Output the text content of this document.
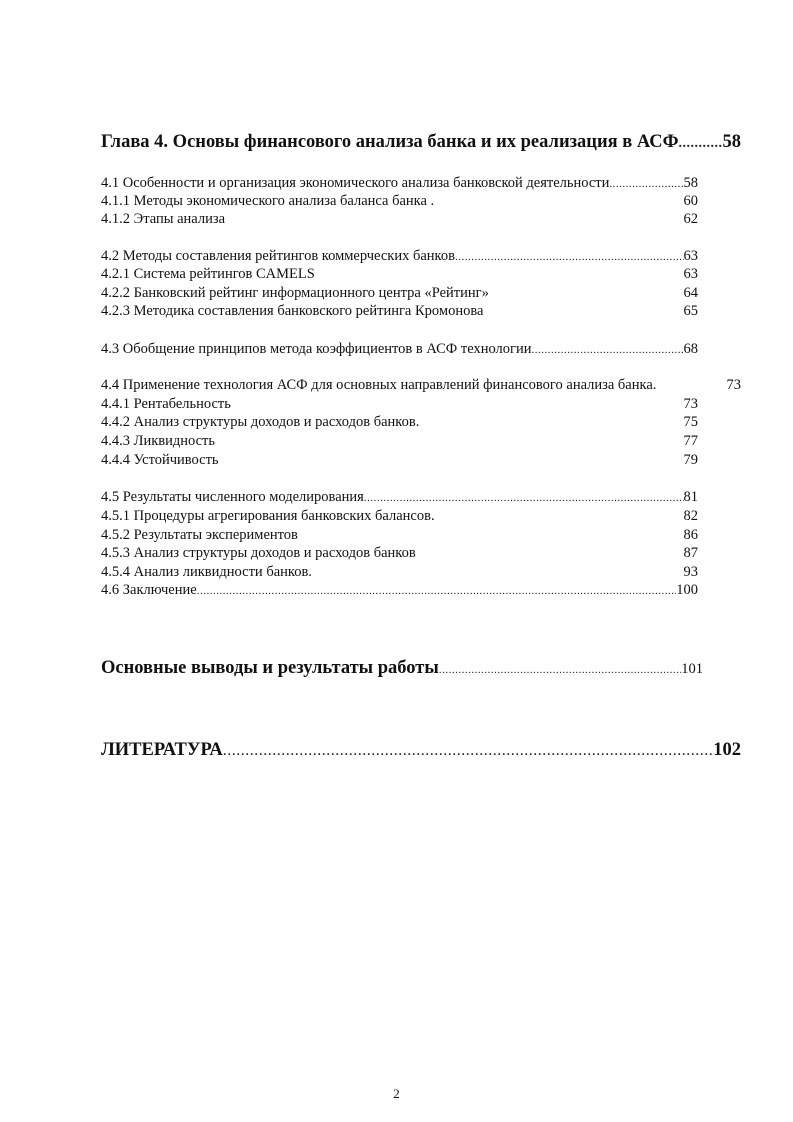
Глава 4. Основы финансового анализа банка и их реализация в АСФ ..... 58
4.1 Особенности и организация экономического анализа банковской деятельности .....	58
4.1.1 Методы экономического анализа баланса банка .	60
4.1.2 Этапы анализа	62
4.2 Методы составления рейтингов коммерческих банков .....	63
4.2.1 Система рейтингов CAMELS	63
4.2.2 Банковский рейтинг информационного центра «Рейтинг»	64
4.2.3 Методика составления банковского рейтинга Кромонова	65
4.3 Обобщение принципов метода коэффициентов в АСФ технологии .....	68
4.4 Применение технология АСФ для основных направлений финансового анализа банка.	73
4.4.1 Рентабельность	73
4.4.2 Анализ структуры доходов и расходов банков.	75
4.4.3 Ликвидность	77
4.4.4 Устойчивость	79
4.5 Результаты численного моделирования .....	81
4.5.1 Процедуры агрегирования банковских балансов.	82
4.5.2 Результаты экспериментов	86
4.5.3 Анализ структуры доходов и расходов банков	87
4.5.4 Анализ ликвидности банков.	93
4.6 Заключение .....	100
Основные выводы и результаты работы .....	101
ЛИТЕРАТУРА .....	102
2
